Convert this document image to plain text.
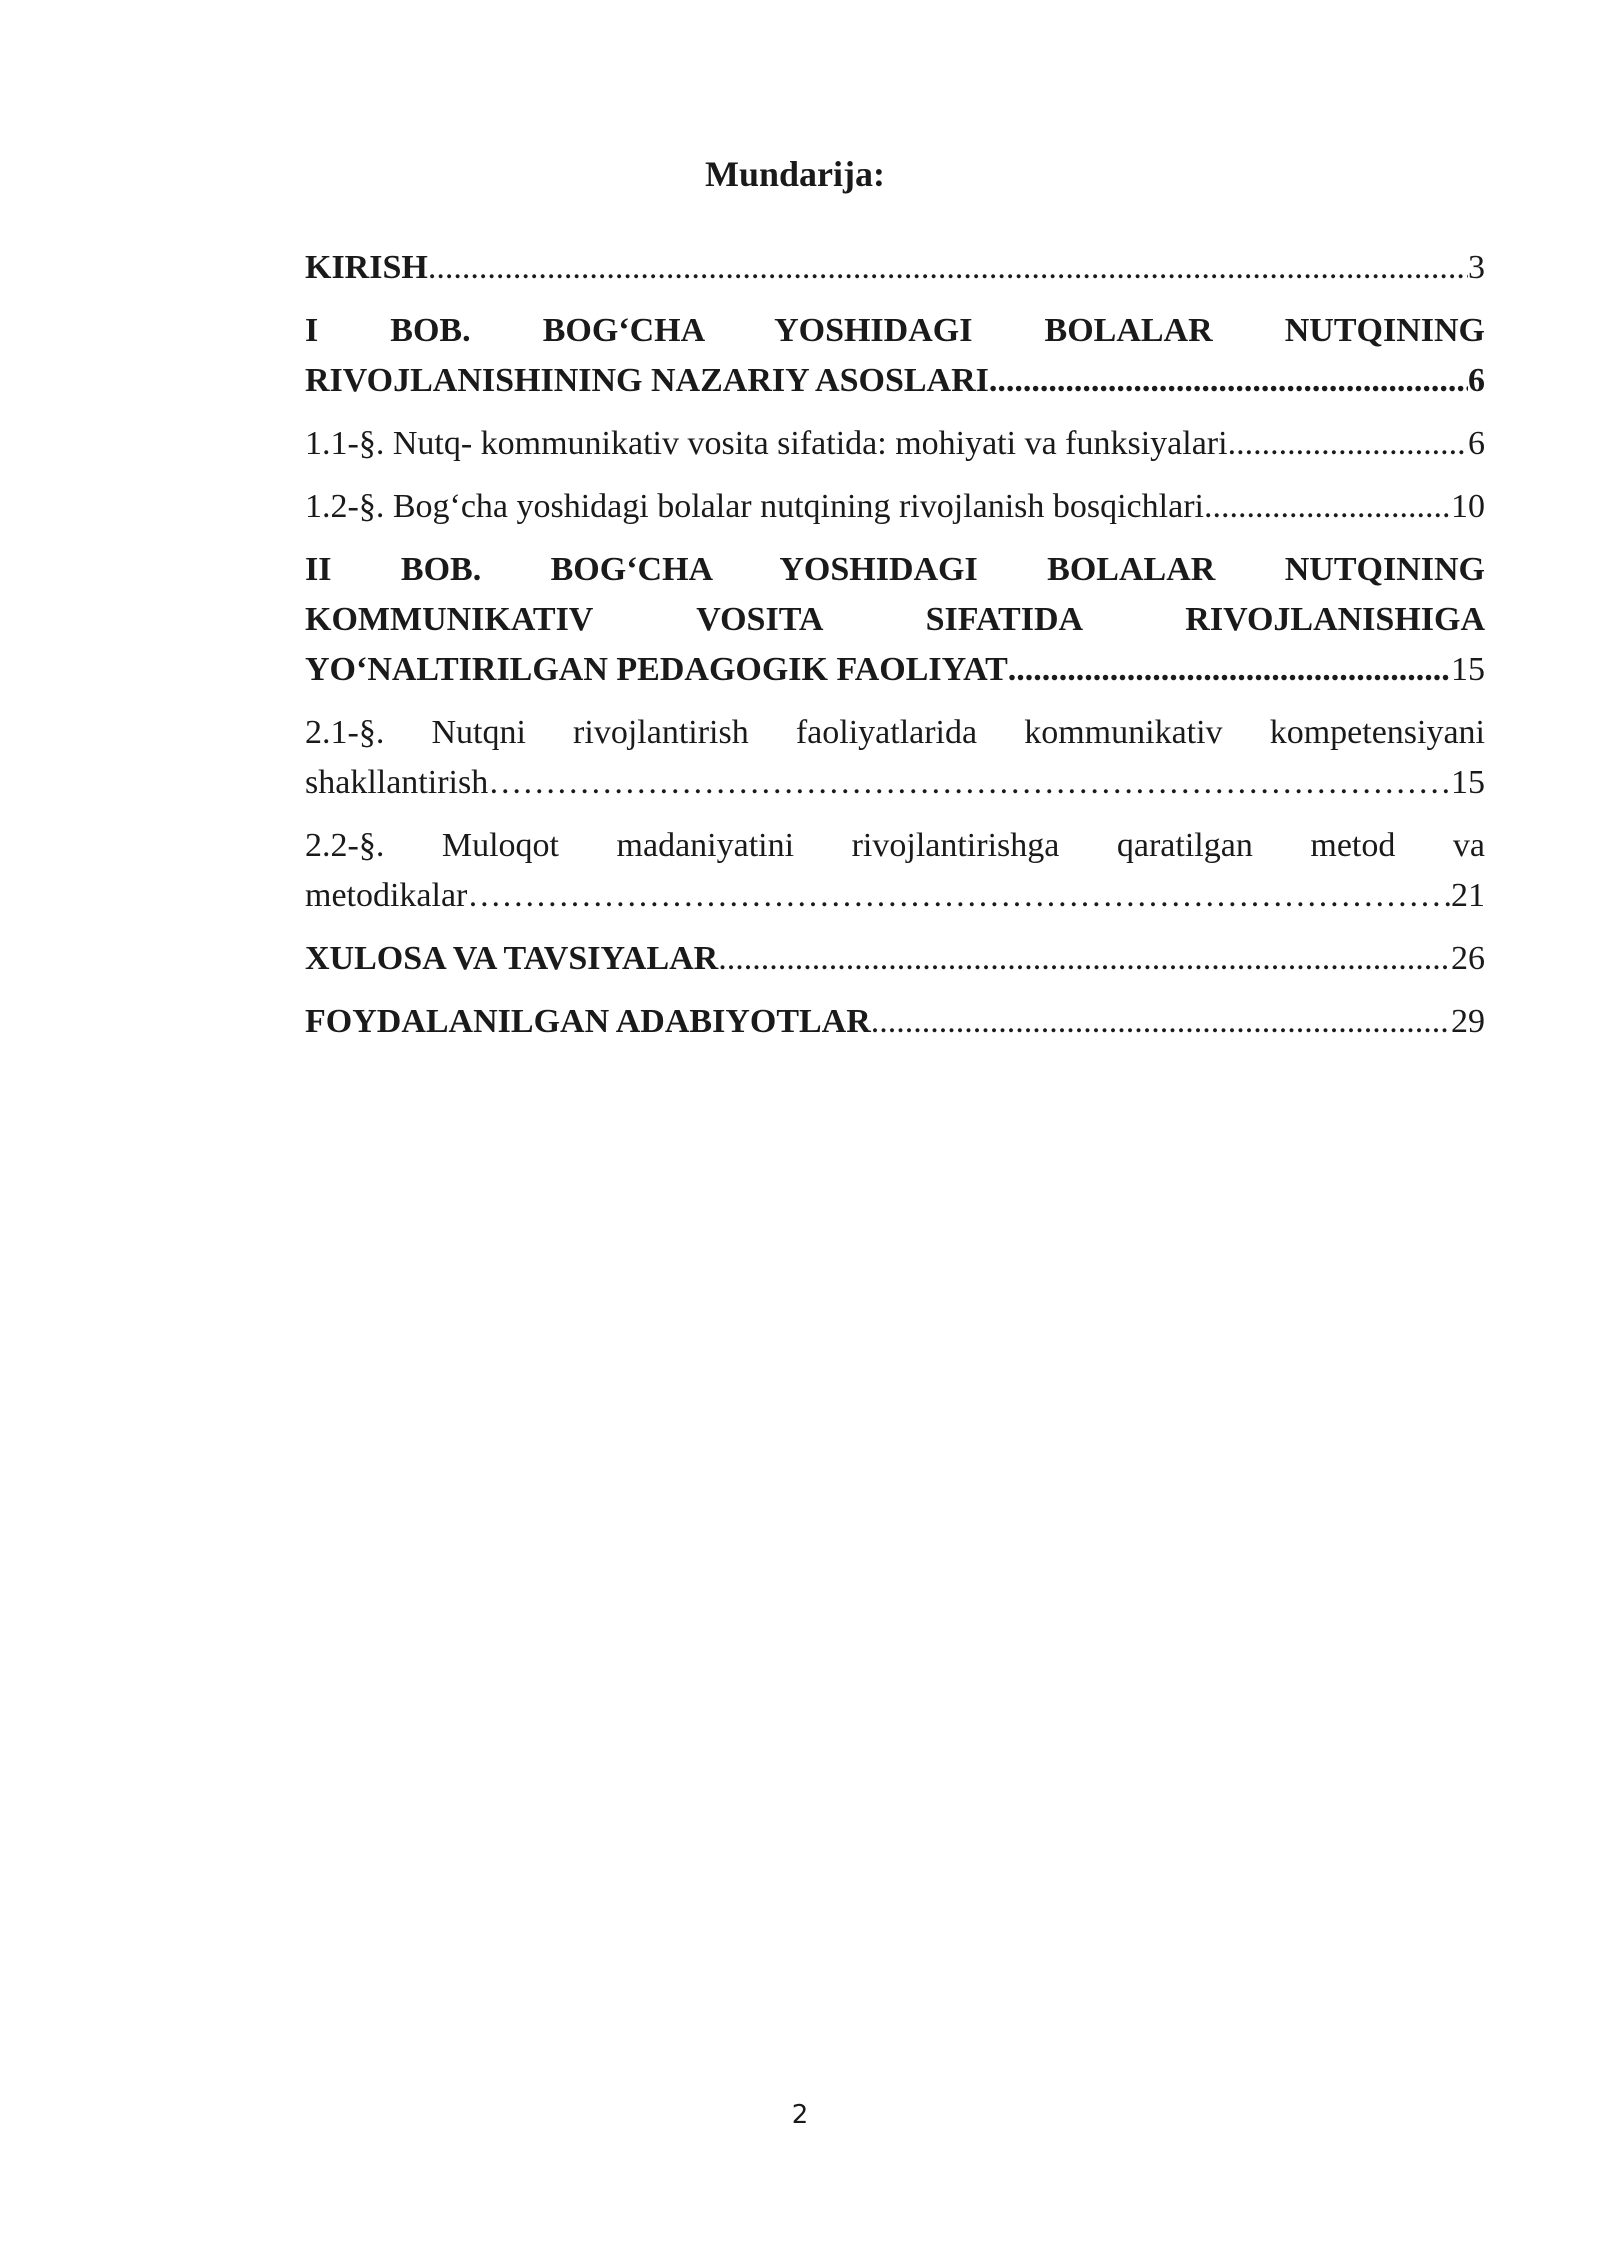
Mundarija:
KIRISH .....	3
I BOB. BOG‘CHA YOSHIDAGI BOLALAR NUTQINING
RIVOJLANISHINING NAZARIY ASOSLARI .....	6
1.1-§. Nutq- kommunikativ vosita sifatida: mohiyati va funksiyalari .....	6
1.2-§. Bog‘cha yoshidagi bolalar nutqining rivojlanish bosqichlari .....	10
II BOB. BOG‘CHA YOSHIDAGI BOLALAR NUTQINING
KOMMUNIKATIV VOSITA SIFATIDA RIVOJLANISHIGA
YO‘NALTIRILGAN PEDAGOGIK FAOLIYAT .....	15
2.1-§. Nutqni rivojlantirish faoliyatlarida kommunikativ kompetensiyani
shakllantirish ………………………………………………………………………………………………………………………………	15
2.2-§. Muloqot madaniyatini rivojlantirishga qaratilgan metod va
metodikalar ………………………………………………………………………………………………………………………………	21
XULOSA VA TAVSIYALAR .....	26
FOYDALANILGAN ADABIYOTLAR .....	29
2
